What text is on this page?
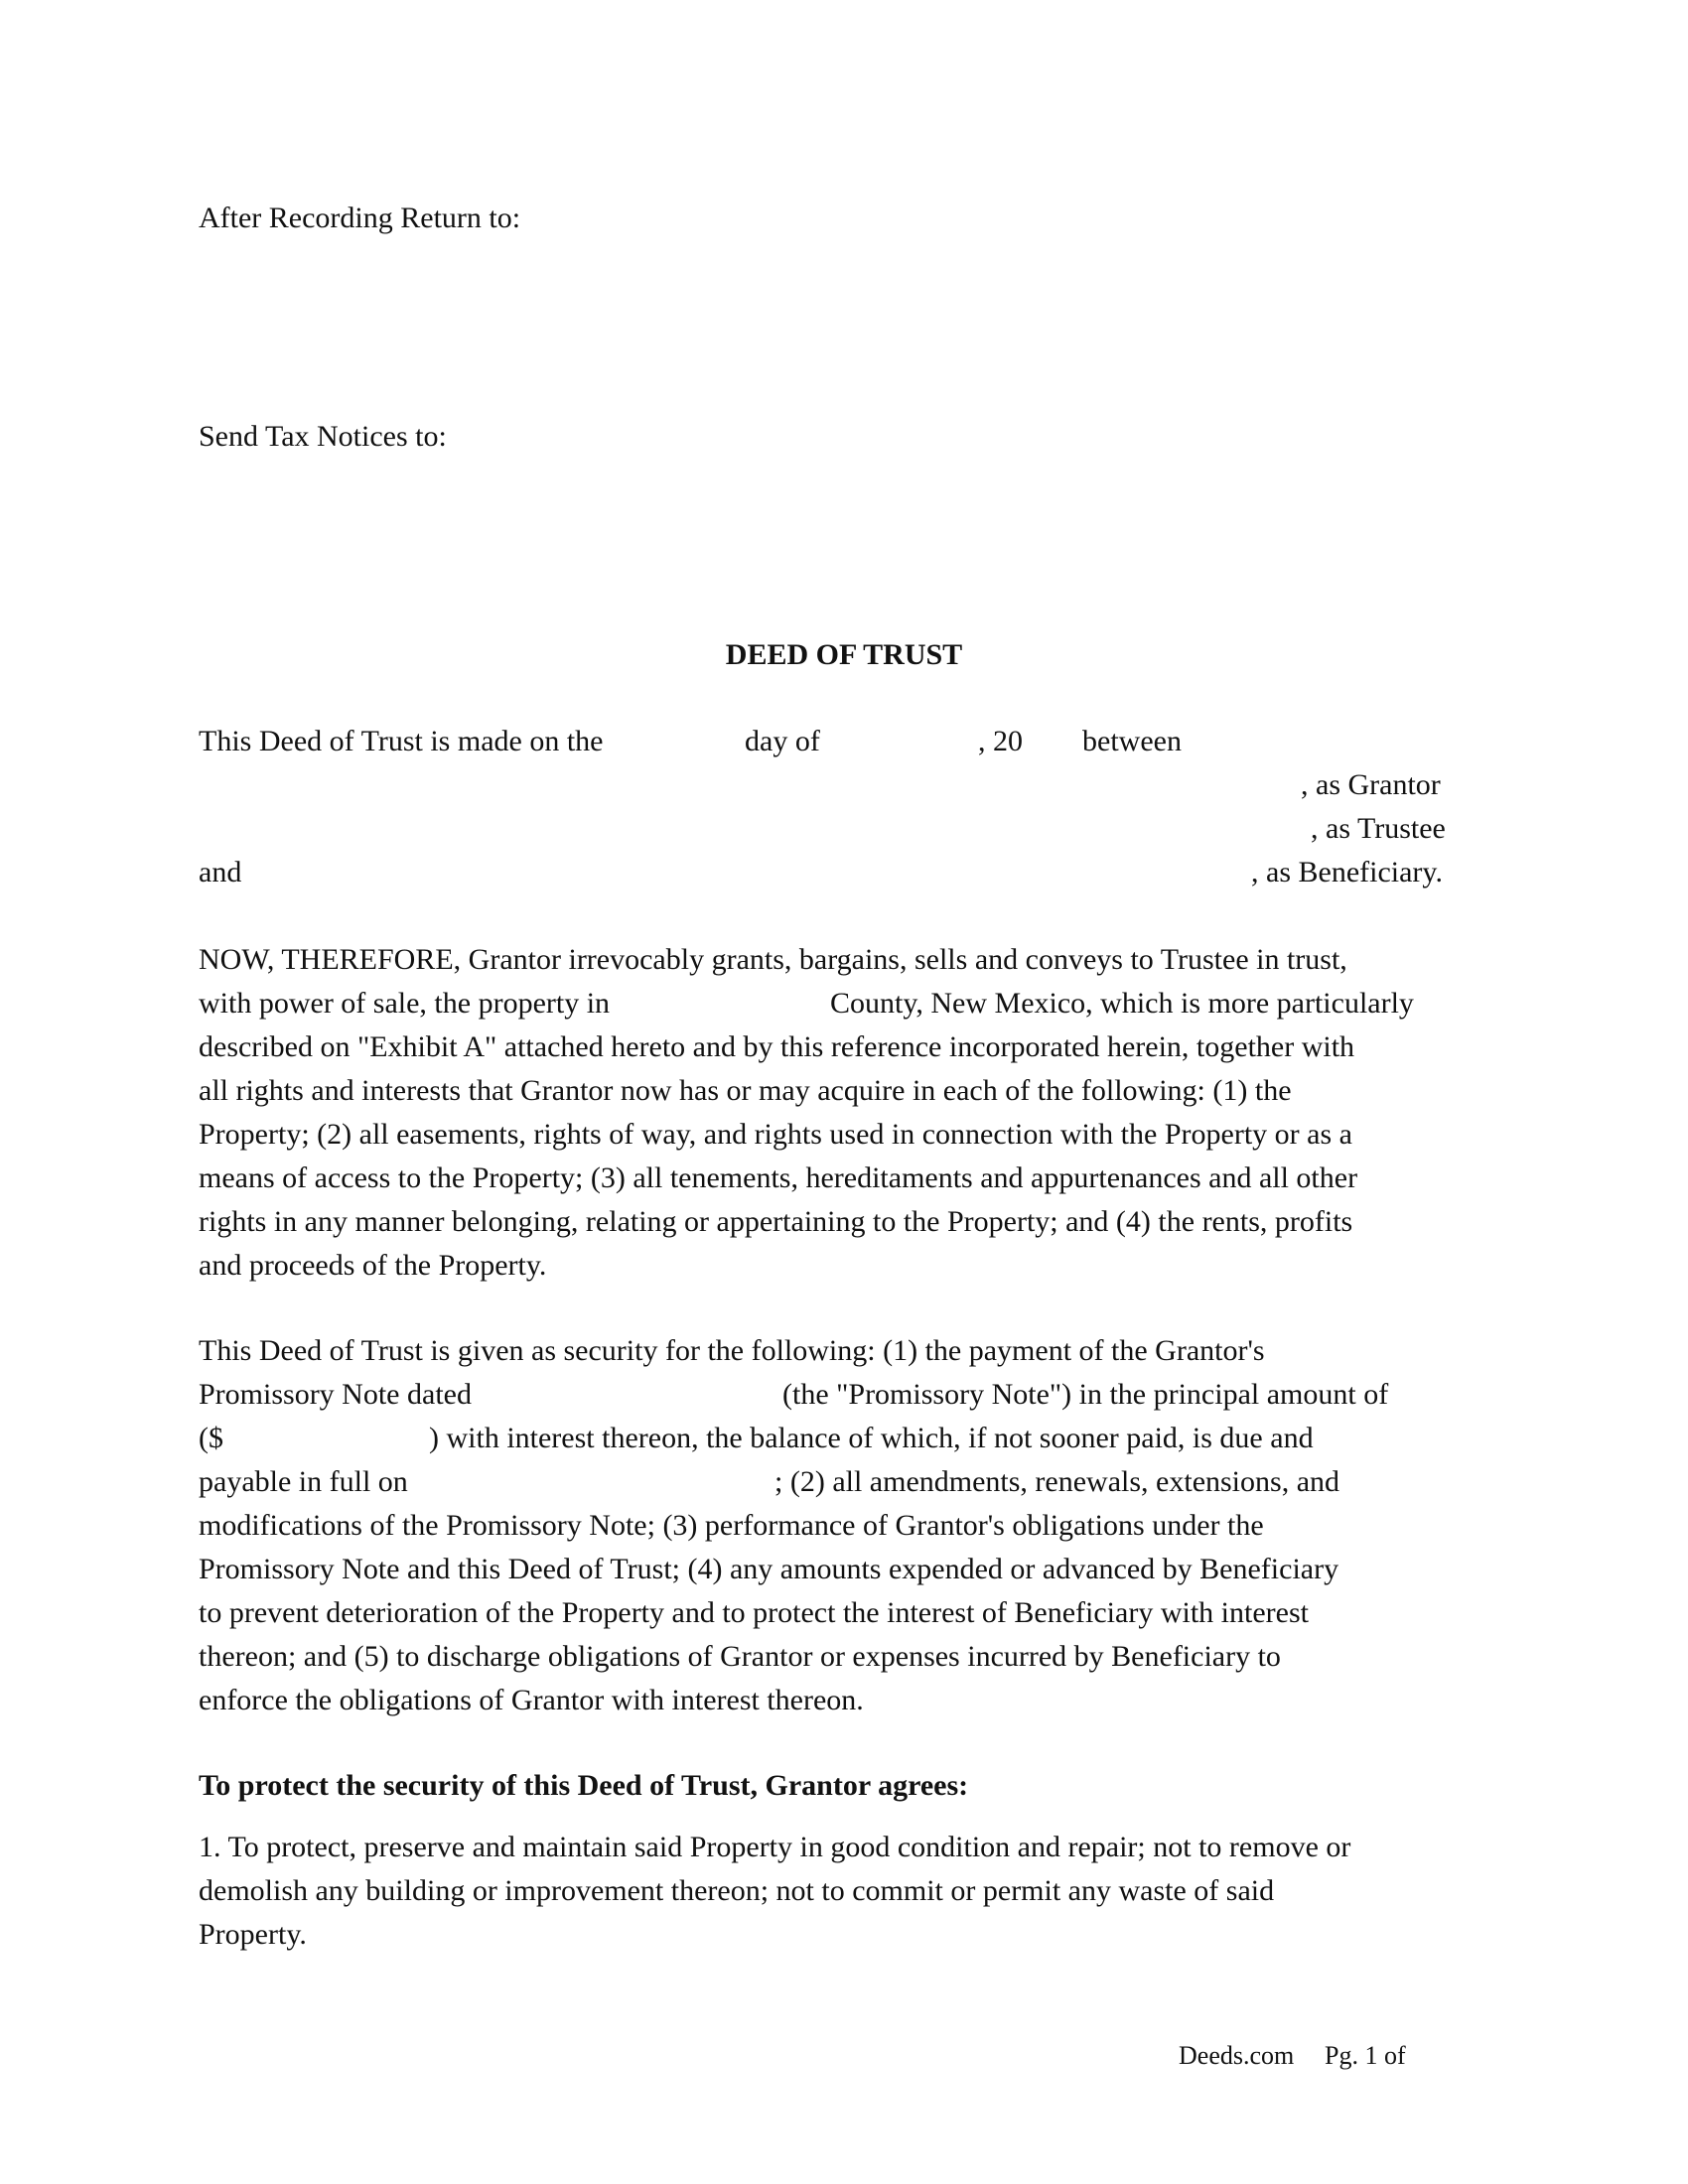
After Recording Return to:
Send Tax Notices to:
DEED OF TRUST
This Deed of Trust is made on the	day of	, 20 between
, as Grantor
, as Trustee
and	, as Beneficiary.
NOW, THEREFORE, Grantor irrevocably grants, bargains, sells and conveys to Trustee in trust,
with power of sale, the property in	County, New Mexico, which is more particularly
described on "Exhibit A" attached hereto and by this reference incorporated herein, together with
all rights and interests that Grantor now has or may acquire in each of the following: (1) the
Property; (2) all easements, rights of way, and rights used in connection with the Property or as a
means of access to the Property; (3) all tenements, hereditaments and appurtenances and all other
rights in any manner belonging, relating or appertaining to the Property; and (4) the rents, profits
and proceeds of the Property.
This Deed of Trust is given as security for the following: (1) the payment of the Grantor's
Promissory Note dated	(the "Promissory Note") in the principal amount of
($	) with interest thereon, the balance of which, if not sooner paid, is due and
payable in full on	; (2) all amendments, renewals, extensions, and
modifications of the Promissory Note; (3) performance of Grantor's obligations under the
Promissory Note and this Deed of Trust; (4) any amounts expended or advanced by Beneficiary
to prevent deterioration of the Property and to protect the interest of Beneficiary with interest
thereon; and (5) to discharge obligations of Grantor or expenses incurred by Beneficiary to
enforce the obligations of Grantor with interest thereon.
To protect the security of this Deed of Trust, Grantor agrees:
1. To protect, preserve and maintain said Property in good condition and repair; not to remove or
demolish any building or improvement thereon; not to commit or permit any waste of said
Property.
Deeds.com Pg. 1 of
